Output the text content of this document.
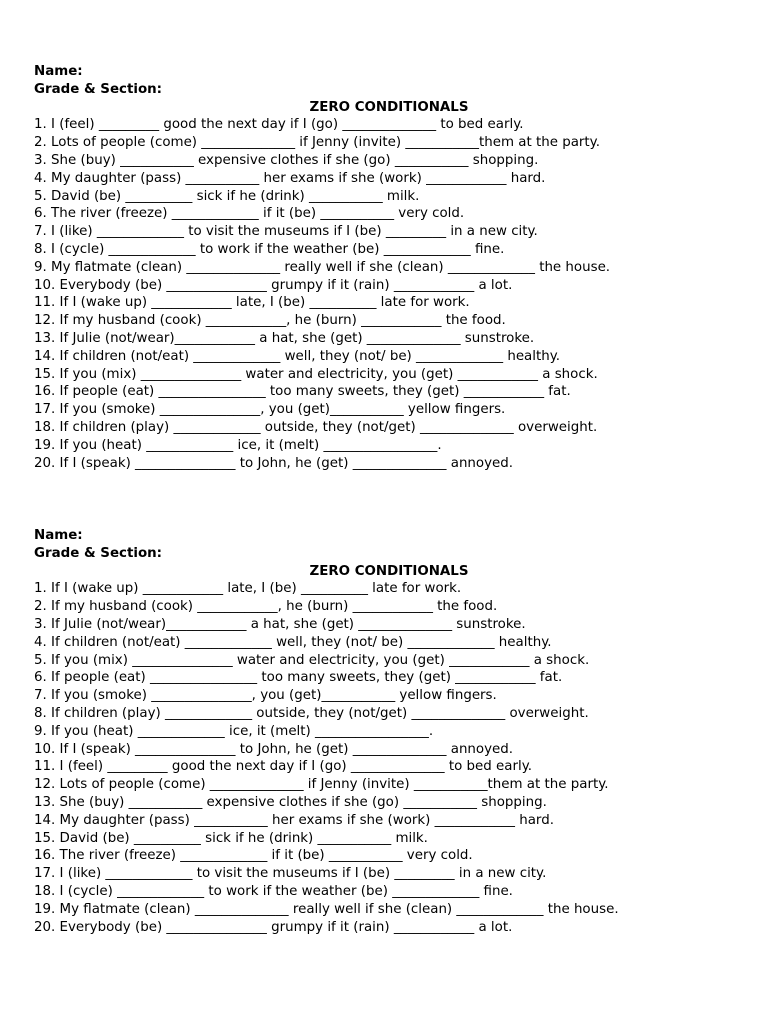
Name:
Grade & Section:
ZERO CONDITIONALS
1. I (feel) _________ good the next day if I (go) ______________ to bed early.
2. Lots of people (come) ______________ if Jenny (invite) ___________them at the party.
3. She (buy) ___________ expensive clothes if she (go) ___________ shopping.
4. My daughter (pass) ___________ her exams if she (work) ____________ hard.
5. David (be) __________ sick if he (drink) ___________ milk.
6. The river (freeze) _____________ if it (be) ___________ very cold.
7. I (like) _____________ to visit the museums if I (be) _________ in a new city.
8. I (cycle) _____________ to work if the weather (be) _____________ fine.
9. My flatmate (clean) ______________ really well if she (clean) _____________ the house.
10. Everybody (be) _______________ grumpy if it (rain) ____________ a lot.
11. If I (wake up) ____________ late, I (be) __________ late for work.
12. If my husband (cook) ____________, he (burn) ____________ the food.
13. If Julie (not/wear)____________ a hat, she (get) ______________ sunstroke.
14. If children (not/eat) _____________ well, they (not/ be) _____________ healthy.
15. If you (mix) _______________ water and electricity, you (get) ____________ a shock.
16. If people (eat) ________________ too many sweets, they (get) ____________ fat.
17. If you (smoke) _______________, you (get)___________ yellow fingers.
18. If children (play) _____________ outside, they (not/get) ______________ overweight.
19. If you (heat) _____________ ice, it (melt) _________________.
20. If I (speak) _______________ to John, he (get) ______________ annoyed.
Name:
Grade & Section:
ZERO CONDITIONALS
1. If I (wake up) ____________ late, I (be) __________ late for work.
2. If my husband (cook) ____________, he (burn) ____________ the food.
3. If Julie (not/wear)____________ a hat, she (get) ______________ sunstroke.
4. If children (not/eat) _____________ well, they (not/ be) _____________ healthy.
5. If you (mix) _______________ water and electricity, you (get) ____________ a shock.
6. If people (eat) ________________ too many sweets, they (get) ____________ fat.
7. If you (smoke) _______________, you (get)___________ yellow fingers.
8. If children (play) _____________ outside, they (not/get) ______________ overweight.
9. If you (heat) _____________ ice, it (melt) _________________.
10. If I (speak) _______________ to John, he (get) ______________ annoyed.
11. I (feel) _________ good the next day if I (go) ______________ to bed early.
12. Lots of people (come) ______________ if Jenny (invite) ___________them at the party.
13. She (buy) ___________ expensive clothes if she (go) ___________ shopping.
14. My daughter (pass) ___________ her exams if she (work) ____________ hard.
15. David (be) __________ sick if he (drink) ___________ milk.
16. The river (freeze) _____________ if it (be) ___________ very cold.
17. I (like) _____________ to visit the museums if I (be) _________ in a new city.
18. I (cycle) _____________ to work if the weather (be) _____________ fine.
19. My flatmate (clean) ______________ really well if she (clean) _____________ the house.
20. Everybody (be) _______________ grumpy if it (rain) ____________ a lot.
